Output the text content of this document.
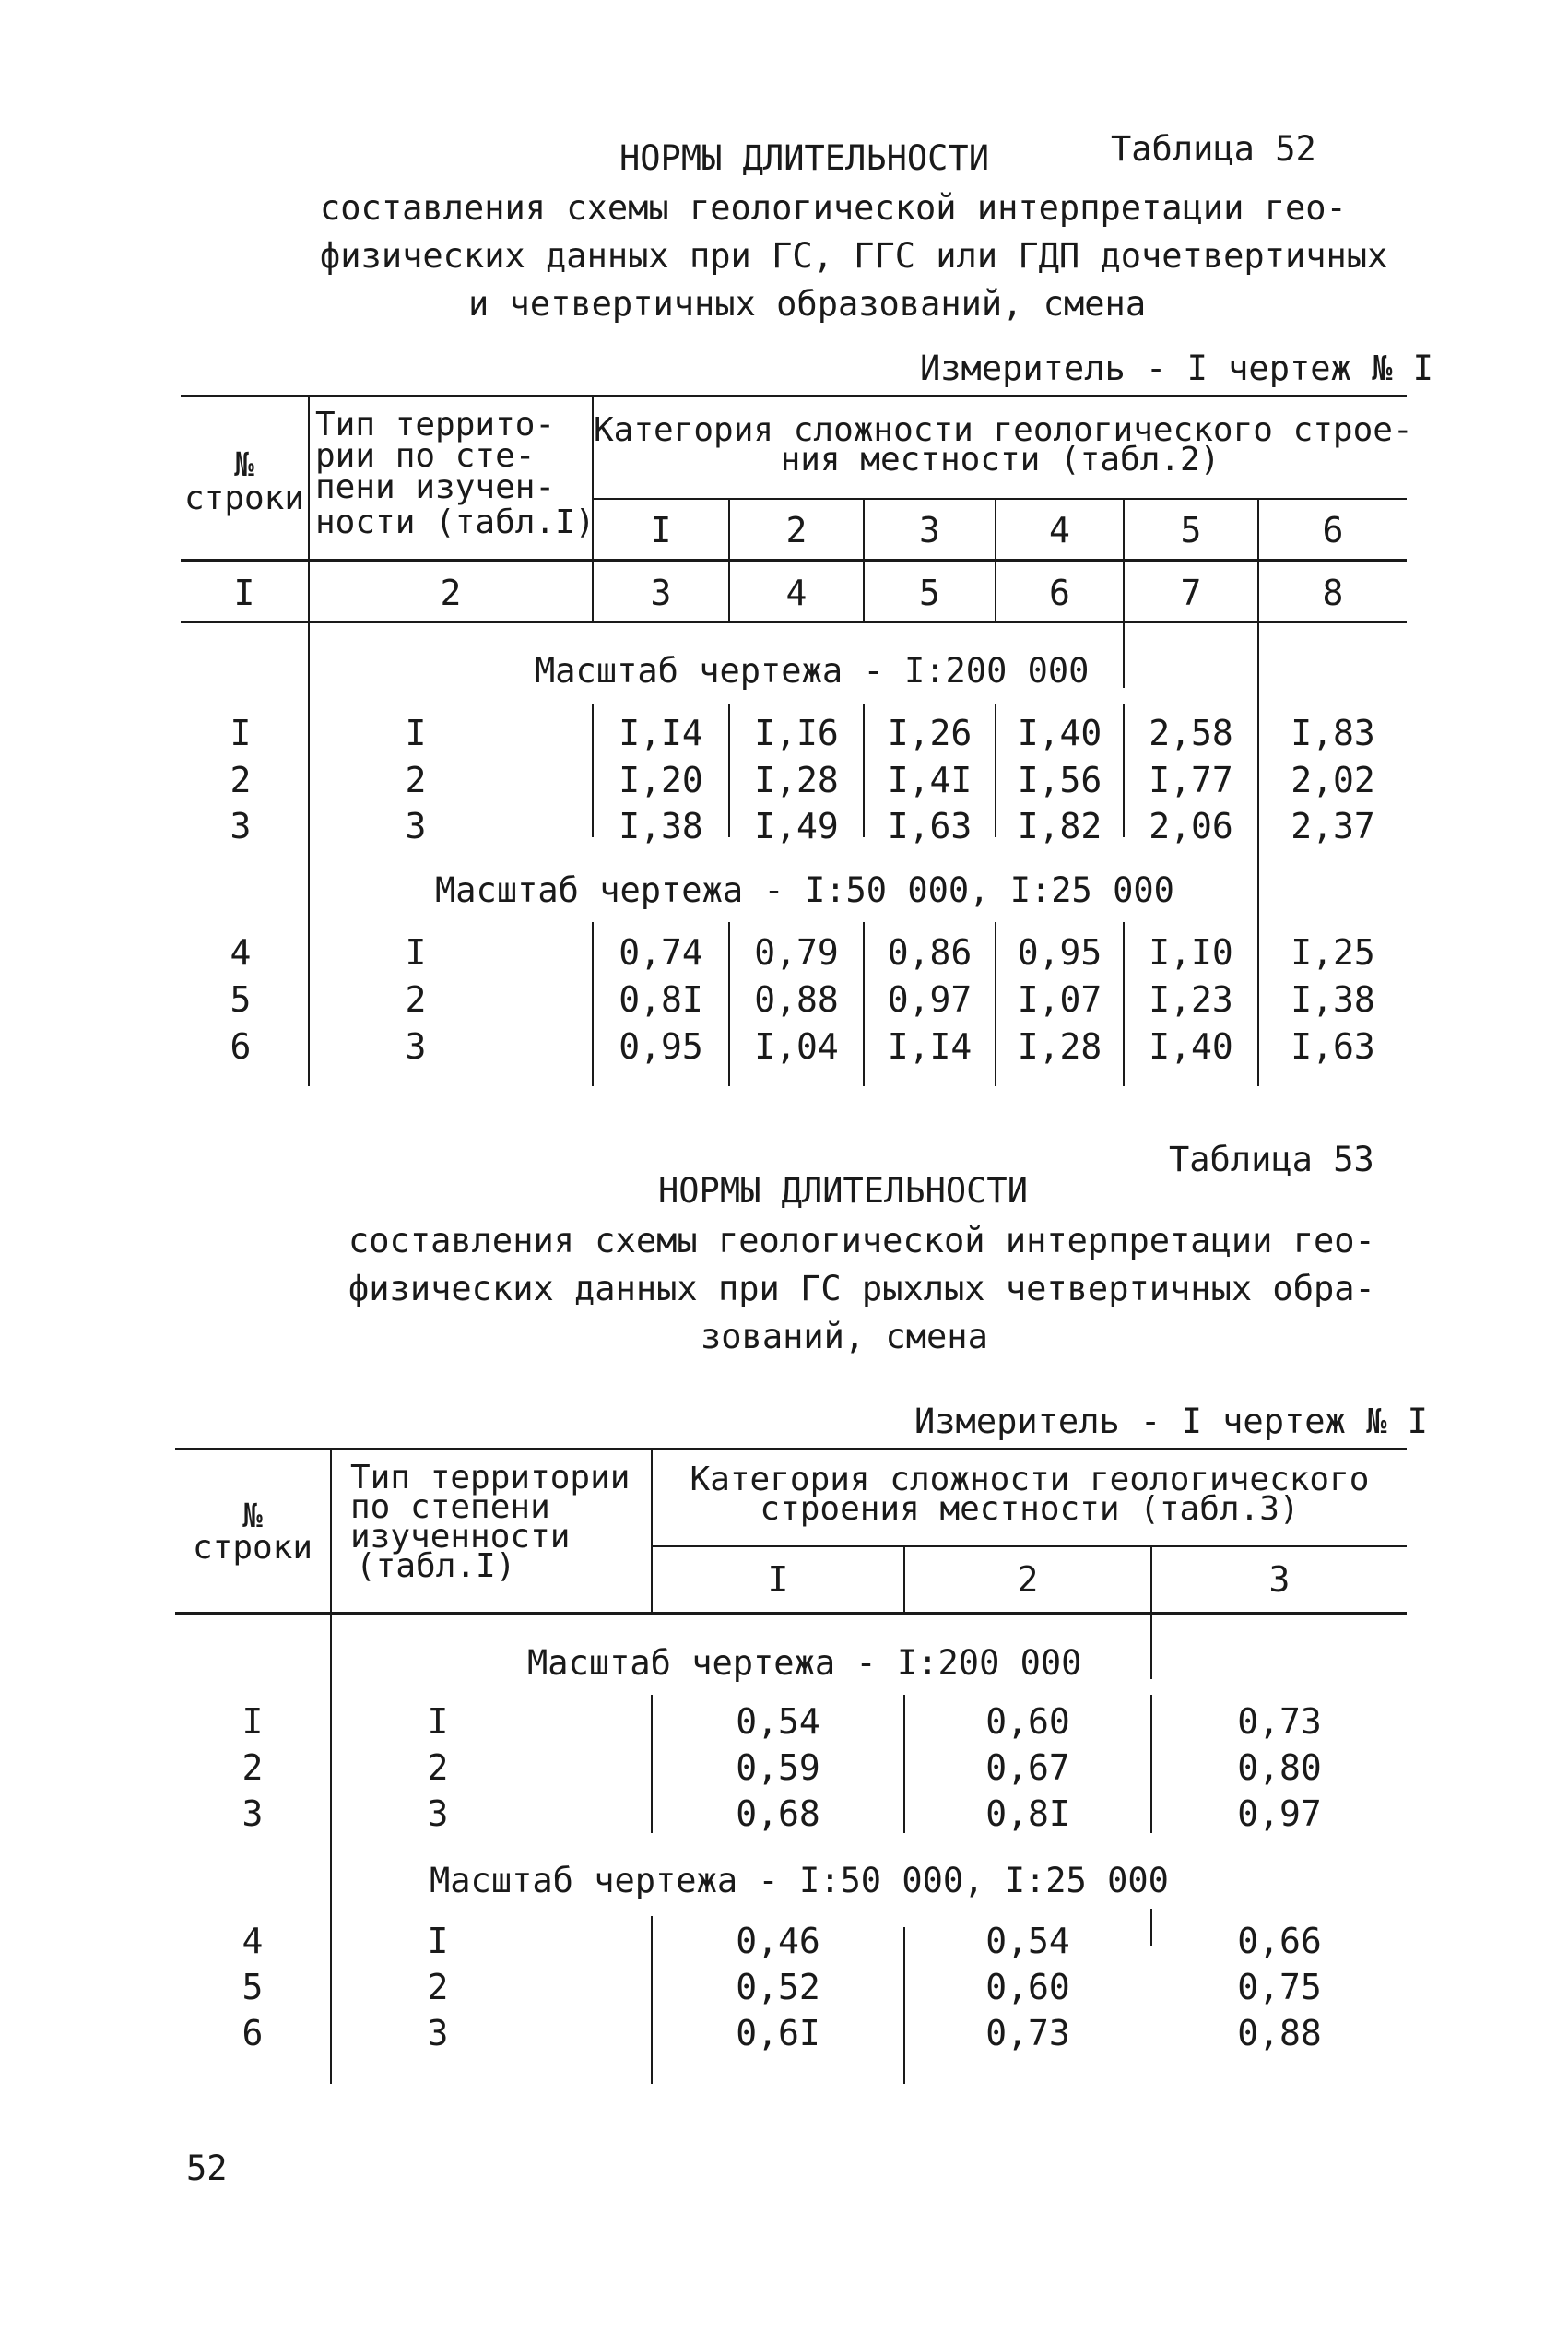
НОРМЫ ДЛИТЕЛЬНОСТИ	Таблица 52
составления схемы геологической интерпретации гео-
физических данных при ГС, ГГС или ГДП дочетвертичных
и четвертичных образований, смена
Измеритель - I чертеж № I
№
строки
Тип террито-
рии по сте-
пени изучен-
ности (табл.I)
Категория сложности геологического строе-
ния местности (табл.2)
I	2	3	4	5	6
I	2	3	4	5	6	7	8
Масштаб чертежа - I:200 000
I	I	I,I4	I,I6	I,26	I,40	2,58	I,83
2	2	I,20	I,28	I,4I	I,56	I,77	2,02
3	3	I,38	I,49	I,63	I,82	2,06	2,37
Масштаб чертежа - I:50 000, I:25 000
4	I	0,74	0,79	0,86	0,95	I,I0	I,25
5	2	0,8I	0,88	0,97	I,07	I,23	I,38
6	3	0,95	I,04	I,I4	I,28	I,40	I,63
Таблица 53
НОРМЫ ДЛИТЕЛЬНОСТИ
составления схемы геологической интерпретации гео-
физических данных при ГС рыхлых четвертичных обра-
зований, смена
Измеритель - I чертеж № I
№
строки
Тип территории
по степени
изученности
(табл.I)
Категория сложности геологического
строения местности (табл.3)
I	2	3
Масштаб чертежа - I:200 000
I	I	0,54	0,60	0,73
2	2	0,59	0,67	0,80
3	3	0,68	0,8I	0,97
Масштаб чертежа - I:50 000, I:25 000
4	I	0,46	0,54	0,66
5	2	0,52	0,60	0,75
6	3	0,6I	0,73	0,88
52
